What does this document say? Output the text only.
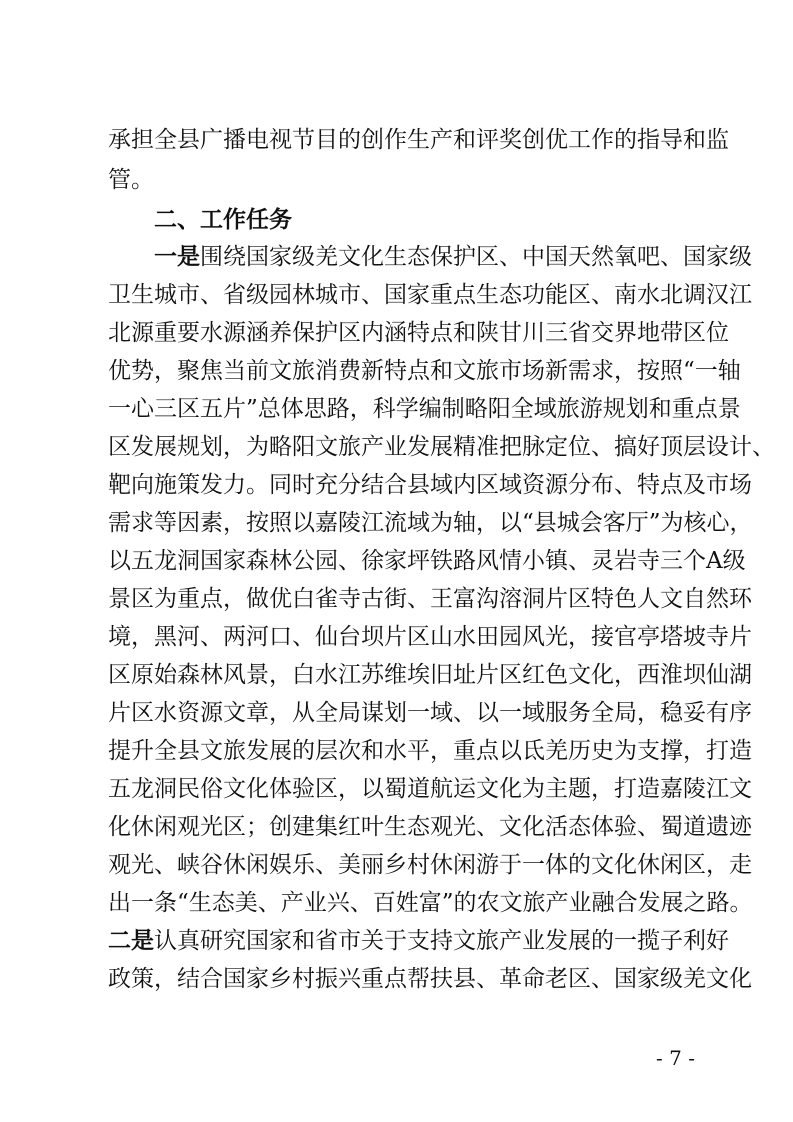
承担全县广播电视节目的创作生产和评奖创优工作的指导和监
管。
二、工作任务
一是围绕国家级羌文化生态保护区、中国天然氧吧、国家级
卫生城市、省级园林城市、国家重点生态功能区、南水北调汉江
北源重要水源涵养保护区内涵特点和陕甘川三省交界地带区位
优势，聚焦当前文旅消费新特点和文旅市场新需求，按照“一轴
一心三区五片”总体思路，科学编制略阳全域旅游规划和重点景
区发展规划，为略阳文旅产业发展精准把脉定位、搞好顶层设计、
靶向施策发力。同时充分结合县域内区域资源分布、特点及市场
需求等因素，按照以嘉陵江流域为轴，以“县城会客厅”为核心，
以五龙洞国家森林公园、徐家坪铁路风情小镇、灵岩寺三个A级
景区为重点，做优白雀寺古街、王富沟溶洞片区特色人文自然环
境，黑河、两河口、仙台坝片区山水田园风光，接官亭塔坡寺片
区原始森林风景，白水江苏维埃旧址片区红色文化，西淮坝仙湖
片区水资源文章，从全局谋划一域、以一域服务全局，稳妥有序
提升全县文旅发展的层次和水平，重点以氐羌历史为支撑，打造
五龙洞民俗文化体验区，以蜀道航运文化为主题，打造嘉陵江文
化休闲观光区；创建集红叶生态观光、文化活态体验、蜀道遗迹
观光、峡谷休闲娱乐、美丽乡村休闲游于一体的文化休闲区，走
出一条“生态美、产业兴、百姓富”的农文旅产业融合发展之路。
二是认真研究国家和省市关于支持文旅产业发展的一揽子利好
政策，结合国家乡村振兴重点帮扶县、革命老区、国家级羌文化
- 7 -
